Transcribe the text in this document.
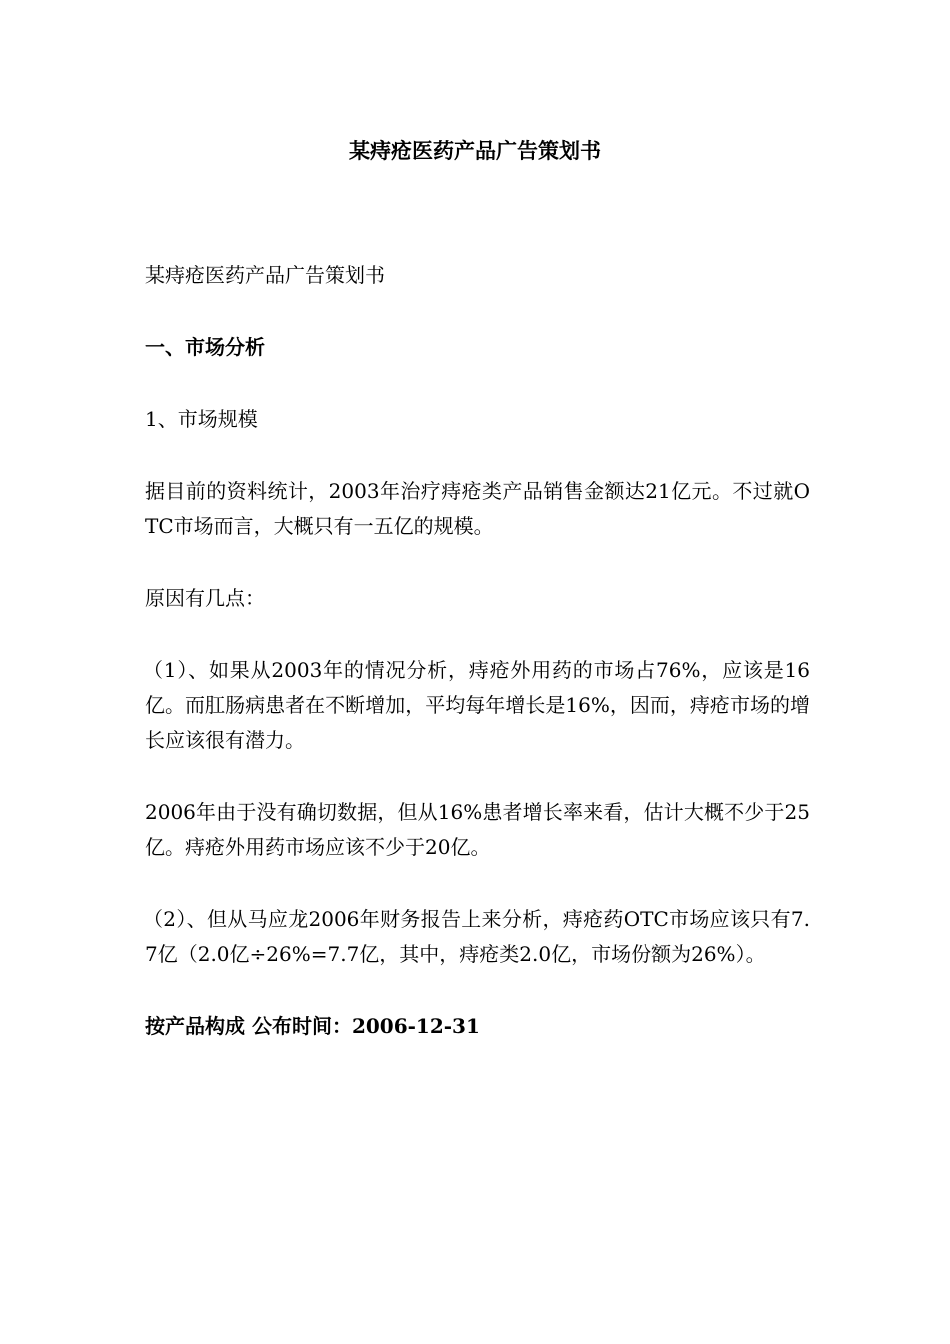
某痔疮医药产品广告策划书

某痔疮医药产品广告策划书

一、市场分析

1、市场规模

据目前的资料统计，2003年治疗痔疮类产品销售金额达21亿元。不过就OTC市场而言，大概只有一五亿的规模。

原因有几点：

（1）、如果从2003年的情况分析，痔疮外用药的市场占76%，应该是16亿。而肛肠病患者在不断增加，平均每年增长是16%，因而，痔疮市场的增长应该很有潜力。

2006年由于没有确切数据，但从16%患者增长率来看，估计大概不少于25亿。痔疮外用药市场应该不少于20亿。

（2）、但从马应龙2006年财务报告上来分析，痔疮药OTC市场应该只有7.7亿（2.0亿÷26%=7.7亿，其中，痔疮类2.0亿，市场份额为26%）。

按产品构成 公布时间：2006-12-31
